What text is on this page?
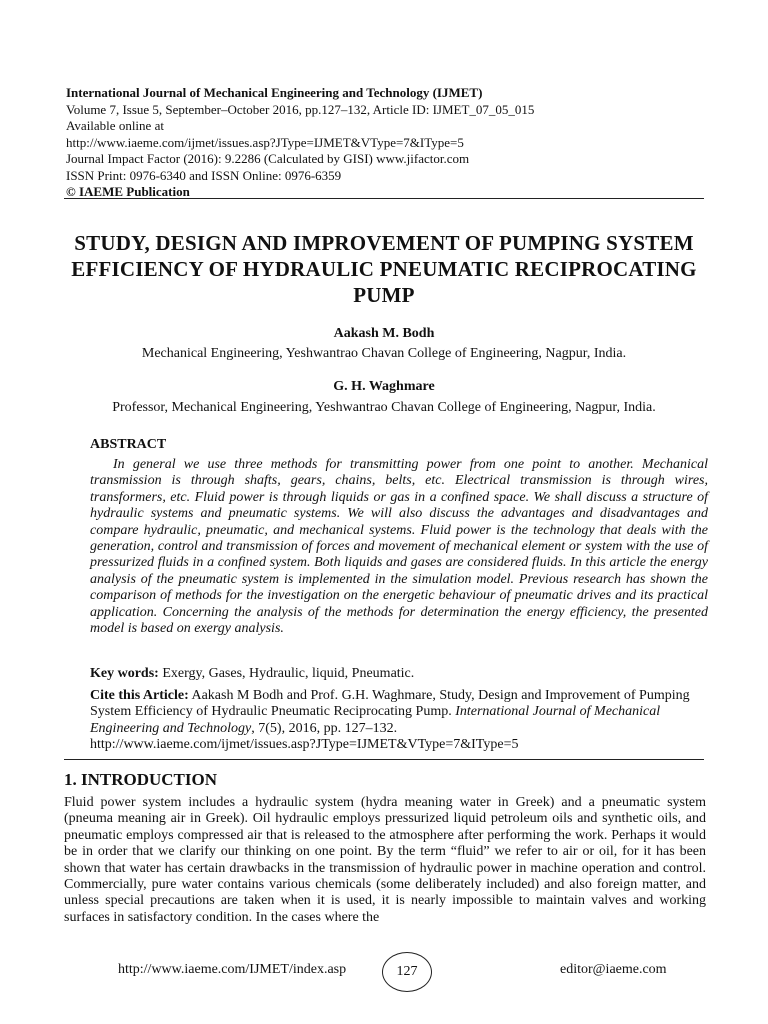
International Journal of Mechanical Engineering and Technology (IJMET)
Volume 7, Issue 5, September–October 2016, pp.127–132, Article ID: IJMET_07_05_015
Available online at
http://www.iaeme.com/ijmet/issues.asp?JType=IJMET&VType=7&IType=5
Journal Impact Factor (2016): 9.2286 (Calculated by GISI) www.jifactor.com
ISSN Print: 0976-6340 and ISSN Online: 0976-6359
© IAEME Publication
STUDY, DESIGN AND IMPROVEMENT OF PUMPING SYSTEM EFFICIENCY OF HYDRAULIC PNEUMATIC RECIPROCATING PUMP
Aakash M. Bodh
Mechanical Engineering, Yeshwantrao Chavan College of Engineering, Nagpur, India.
G. H. Waghmare
Professor, Mechanical Engineering, Yeshwantrao Chavan College of Engineering, Nagpur, India.
ABSTRACT
In general we use three methods for transmitting power from one point to another. Mechanical transmission is through shafts, gears, chains, belts, etc. Electrical transmission is through wires, transformers, etc. Fluid power is through liquids or gas in a confined space. We shall discuss a structure of hydraulic systems and pneumatic systems. We will also discuss the advantages and disadvantages and compare hydraulic, pneumatic, and mechanical systems. Fluid power is the technology that deals with the generation, control and transmission of forces and movement of mechanical element or system with the use of pressurized fluids in a confined system. Both liquids and gases are considered fluids. In this article the energy analysis of the pneumatic system is implemented in the simulation model. Previous research has shown the comparison of methods for the investigation on the energetic behaviour of pneumatic drives and its practical application. Concerning the analysis of the methods for determination the energy efficiency, the presented model is based on exergy analysis.
Key words: Exergy, Gases, Hydraulic, liquid, Pneumatic.
Cite this Article: Aakash M Bodh and Prof. G.H. Waghmare, Study, Design and Improvement of Pumping System Efficiency of Hydraulic Pneumatic Reciprocating Pump. International Journal of Mechanical Engineering and Technology, 7(5), 2016, pp. 127–132.
http://www.iaeme.com/ijmet/issues.asp?JType=IJMET&VType=7&IType=5
1. INTRODUCTION
Fluid power system includes a hydraulic system (hydra meaning water in Greek) and a pneumatic system (pneuma meaning air in Greek). Oil hydraulic employs pressurized liquid petroleum oils and synthetic oils, and pneumatic employs compressed air that is released to the atmosphere after performing the work. Perhaps it would be in order that we clarify our thinking on one point. By the term “fluid” we refer to air or oil, for it has been shown that water has certain drawbacks in the transmission of hydraulic power in machine operation and control. Commercially, pure water contains various chemicals (some deliberately included) and also foreign matter, and unless special precautions are taken when it is used, it is nearly impossible to maintain valves and working surfaces in satisfactory condition. In the cases where the
http://www.iaeme.com/IJMET/index.asp	127	editor@iaeme.com
